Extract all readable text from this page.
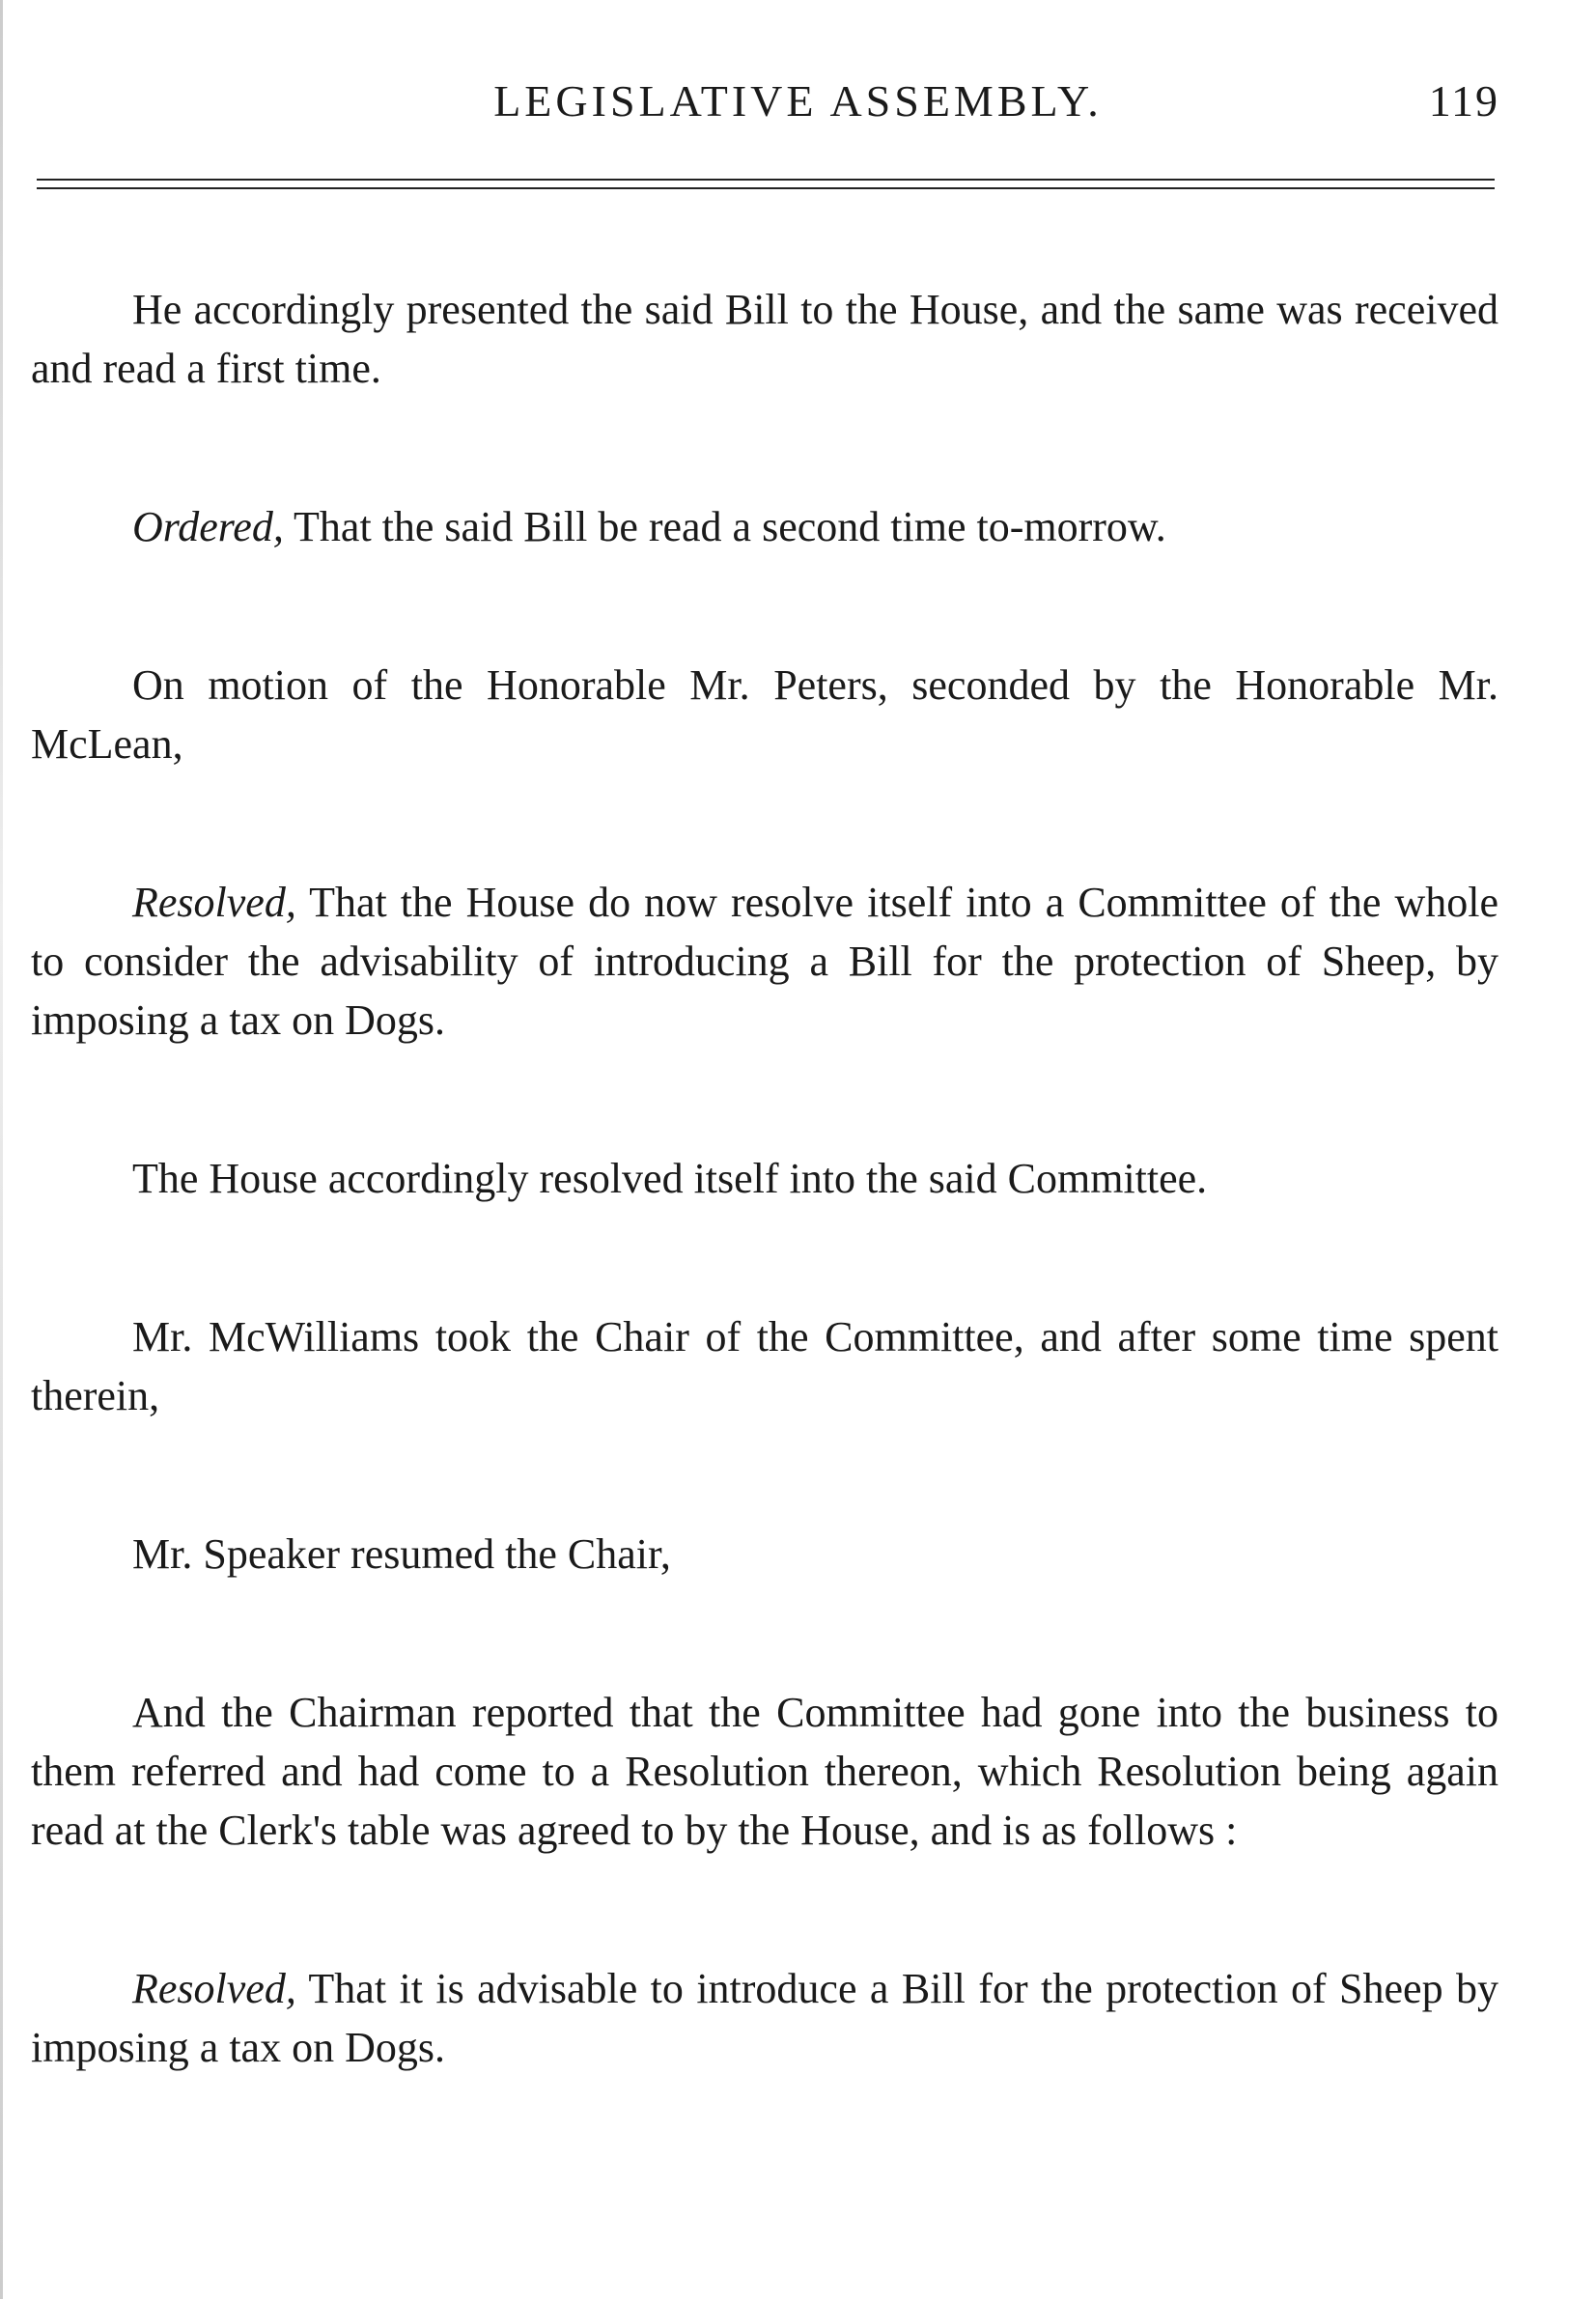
LEGISLATIVE ASSEMBLY.	119

He accordingly presented the said Bill to the House, and the same was received and read a first time.

Ordered, That the said Bill be read a second time to-morrow.

On motion of the Honorable Mr. Peters, seconded by the Honorable Mr. McLean,

Resolved, That the House do now resolve itself into a Committee of the whole to consider the advisability of introducing a Bill for the protection of Sheep, by imposing a tax on Dogs.

The House accordingly resolved itself into the said Committee.

Mr. McWilliams took the Chair of the Committee, and after some time spent therein,

Mr. Speaker resumed the Chair,

And the Chairman reported that the Committee had gone into the business to them referred and had come to a Resolution thereon, which Resolution being again read at the Clerk's table was agreed to by the House, and is as follows :

Resolved, That it is advisable to introduce a Bill for the protection of Sheep by imposing a tax on Dogs.
